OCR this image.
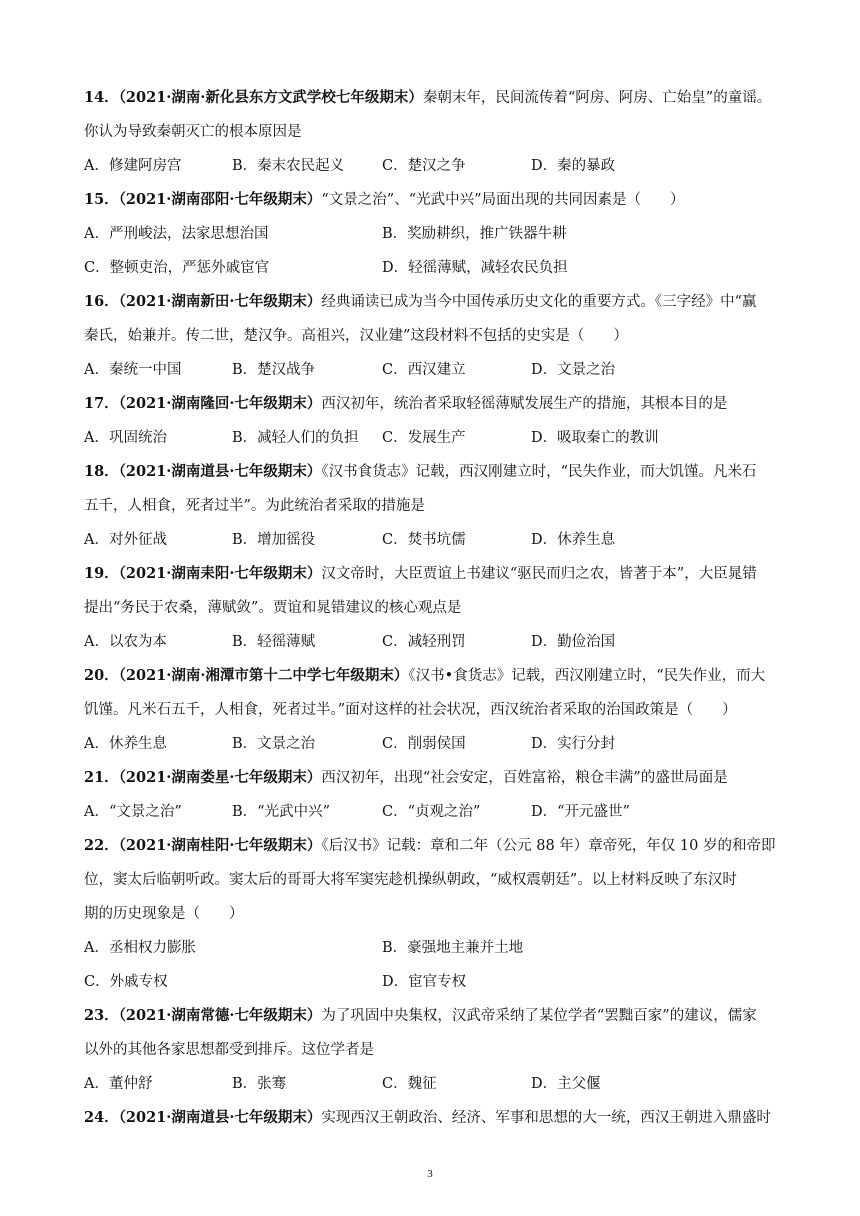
14．（2021·湖南·新化县东方文武学校七年级期末）秦朝末年，民间流传着“阿房、阿房、亡始皇”的童谣。
你认为导致秦朝灭亡的根本原因是
A．修建阿房宫	B．秦末农民起义	C．楚汉之争	D．秦的暴政
15．（2021·湖南邵阳·七年级期末）“文景之治”、“光武中兴”局面出现的共同因素是（　　）
A．严刑峻法，法家思想治国	B．奖励耕织，推广铁器牛耕
C．整顿吏治，严惩外戚宦官	D．轻徭薄赋，减轻农民负担
16．（2021·湖南新田·七年级期末）经典诵读已成为当今中国传承历史文化的重要方式。《三字经》中“赢
秦氏，始兼并。传二世，楚汉争。高祖兴，汉业建”这段材料不包括的史实是（　　）
A．秦统一中国	B．楚汉战争	C．西汉建立	D．文景之治
17．（2021·湖南隆回·七年级期末）西汉初年，统治者采取轻徭薄赋发展生产的措施，其根本目的是
A．巩固统治	B．减轻人们的负担 C．发展生产	D．吸取秦亡的教训
18．（2021·湖南道县·七年级期末）《汉书食货志》记载，西汉刚建立时，“民失作业，而大饥馑。凡米石
五千，人相食，死者过半”。为此统治者采取的措施是
A．对外征战	B．增加徭役	C．焚书坑儒	D．休养生息
19．（2021·湖南耒阳·七年级期末）汉文帝时，大臣贾谊上书建议“驱民而归之农，皆著于本”，大臣晁错
提出“务民于农桑，薄赋敛”。贾谊和晁错建议的核心观点是
A．以农为本	B．轻徭薄赋	C．减轻刑罚	D．勤俭治国
20．（2021·湖南·湘潭市第十二中学七年级期末）《汉书•食货志》记载，西汉刚建立时，“民失作业，而大
饥馑。凡米石五千，人相食，死者过半。”面对这样的社会状况，西汉统治者采取的治国政策是（　　）
A．休养生息	B．文景之治	C．削弱侯国	D．实行分封
21．（2021·湖南娄星·七年级期末）西汉初年，出现“社会安定，百姓富裕，粮仓丰满”的盛世局面是
A．“文景之治”	B．“光武中兴”	C．“贞观之治”	D．“开元盛世”
22．（2021·湖南桂阳·七年级期末）《后汉书》记载：章和二年（公元 88 年）章帝死，年仅 10 岁的和帝即
位，窦太后临朝听政。窦太后的哥哥大将军窦宪趁机操纵朝政，“威权震朝廷”。以上材料反映了东汉时
期的历史现象是（　　）
A．丞相权力膨胀	B．豪强地主兼并土地
C．外戚专权	D．宦官专权
23．（2021·湖南常德·七年级期末）为了巩固中央集权，汉武帝采纳了某位学者“罢黜百家”的建议，儒家
以外的其他各家思想都受到排斥。这位学者是
A．董仲舒	B．张骞	C．魏征	D．主父偃
24．（2021·湖南道县·七年级期末）实现西汉王朝政治、经济、军事和思想的大一统，西汉王朝进入鼎盛时
3
